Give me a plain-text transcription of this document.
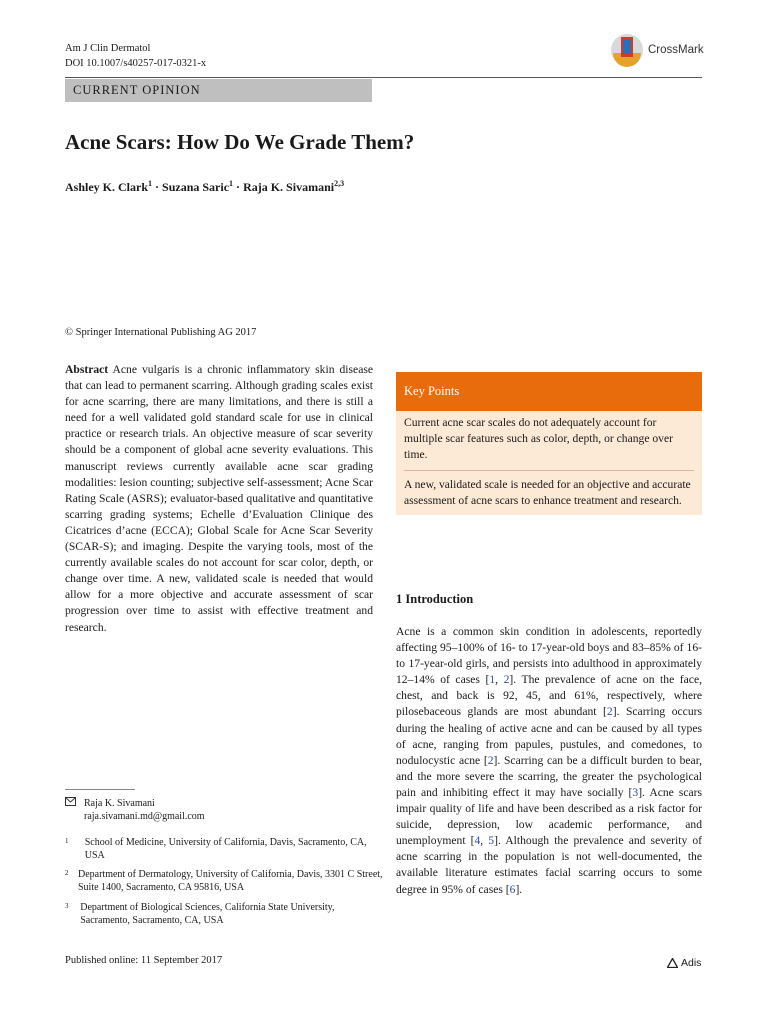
Am J Clin Dermatol
DOI 10.1007/s40257-017-0321-x
CrossMark
CURRENT OPINION
Acne Scars: How Do We Grade Them?
Ashley K. Clark$^1$ · Suzana Saric$^1$ · Raja K. Sivamani$^{2,3}$
© Springer International Publishing AG 2017
Abstract Acne vulgaris is a chronic inflammatory skin disease that can lead to permanent scarring. Although grading scales exist for acne scarring, there are many limitations, and there is still a need for a well validated gold standard scale for use in clinical practice or research trials. An objective measure of scar severity should be a component of global acne severity evaluations. This manuscript reviews currently available acne scar grading modalities: lesion counting; subjective self-assessment; Acne Scar Rating Scale (ASRS); evaluator-based qualitative and quantitative scarring grading systems; Echelle d’Evaluation Clinique des Cicatrices d’acne (ECCA); Global Scale for Acne Scar Severity (SCAR-S); and imaging. Despite the varying tools, most of the currently available scales do not account for scar color, depth, or change over time. A new, validated scale is needed that would allow for a more objective and accurate assessment of scar progression over time to assist with effective treatment and research.
Key Points

Current acne scar scales do not adequately account for multiple scar features such as color, depth, or change over time.

A new, validated scale is needed for an objective and accurate assessment of acne scars to enhance treatment and research.

1 Introduction
Acne is a common skin condition in adolescents, reportedly affecting 95–100% of 16- to 17-year-old boys and 83–85% of 16- to 17-year-old girls, and persists into adulthood in approximately 12–14% of cases [1, 2]. The prevalence of acne on the face, chest, and back is 92, 45, and 61%, respectively, where pilosebaceous glands are most abundant [2]. Scarring occurs during the healing of active acne and can be caused by all types of acne, ranging from papules, pustules, and comedones, to nodulocystic acne [2]. Scarring can be a difficult burden to bear, and the more severe the scarring, the greater the psychological pain and inhibiting effect it may have socially [3]. Acne scars impair quality of life and have been described as a risk factor for suicide, depression, low academic performance, and unemployment [4, 5]. Although the prevalence and severity of acne scarring in the population is not well-documented, the available literature estimates facial scarring occurs to some degree in 95% of cases [6].
Raja K. Sivamani
raja.sivamani.md@gmail.com
1	School of Medicine, University of California, Davis, Sacramento, CA, USA
2 Department of Dermatology, University of California, Davis, 3301 C Street, Suite 1400, Sacramento, CA 95816, USA
3	Department of Biological Sciences, California State University, Sacramento, Sacramento, CA, USA
Published online: 11 September 2017	Adis
